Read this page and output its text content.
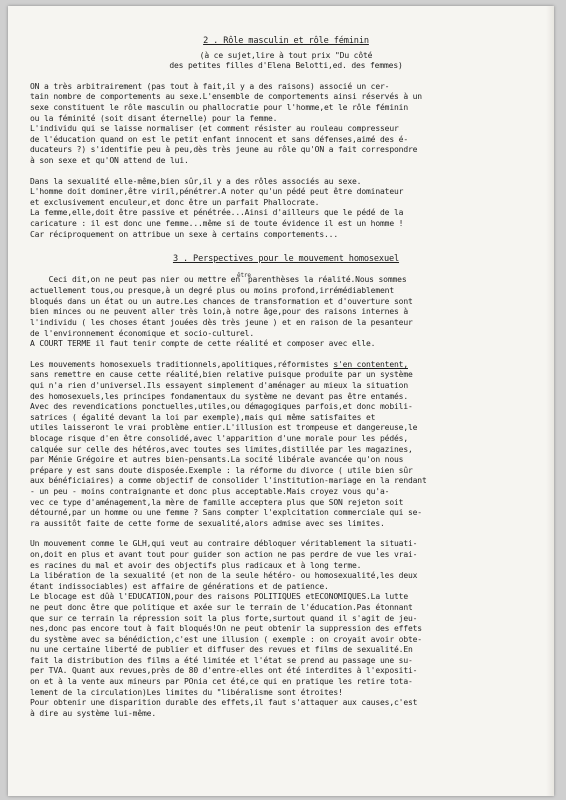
2 . Rôle masculin et rôle féminin

(à ce sujet,lire à tout prix "Du côté

des petites filles d'Elena Belotti,ed. des femmes)

ON a très arbitrairement (pas tout à fait,il y a des raisons) associé un cer-

tain nombre de comportements au sexe.L'ensemble de comportements ainsi réservés à un

sexe constituent le rôle masculin ou phallocratie pour l'homme,et le rôle féminin

ou la féminité (soit disant éternelle) pour la femme.

L'individu qui se laisse normaliser (et comment résister au rouleau compresseur

de l'éducation quand on est le petit enfant innocent et sans défenses,aimé des é-

ducateurs ?) s'identifie peu à peu,dès très jeune au rôle qu'ON a fait correspondre

à son sexe et qu'ON attend de lui.

Dans la sexualité elle-même,bien sûr,il y a des rôles associés au sexe.

L'homme doit dominer,être viril,pénétrer.A noter qu'un pédé peut être dominateur

et exclusivement enculeur,et donc être un parfait Phallocrate.

La femme,elle,doit être passive et pénétrée...Ainsi d'ailleurs que le pédé de la

caricature : il est donc une femme...même si de toute évidence il est un homme !

Car réciproquement on attribue un sexe à certains comportements...

3 . Perspectives pour le mouvement homosexuel

Ceci dit,on ne peut pas nier ou mettre $en^{être}parenthèses$ la réalité.Nous sommes

actuellement tous,ou presque,à un degré plus ou moins profond,irrémédiablement

bloqués dans un état ou un autre.Les chances de transformation et d'ouverture sont

bien minces ou ne peuvent aller très loin,à notre âge,pour des raisons internes à

l'individu ( les choses étant jouées dès très jeune ) et en raison de la pesanteur

de l'environnement économique et socio-culturel.

A COURT TERME il faut tenir compte de cette réalité et composer avec elle.

Les mouvements homosexuels traditionnels,apolitiques,réformistes s'en contentent,

sans remettre en cause cette réalité,bien relative puisque produite par un système

qui n'a rien d'universel.Ils essayent simplement d'aménager au mieux la situation

des homosexuels,les principes fondamentaux du système ne devant pas être entamés.

Avec des revendications ponctuelles,utiles,ou démagogiques parfois,et donc mobili-

satrices ( égalité devant la loi par exemple),mais qui même satisfaites et

utiles laisseront le vrai problème entier.L'illusion est trompeuse et dangereuse,le

blocage risque d'en être consolidé,avec l'apparition d'une morale pour les pédés,

calquée sur celle des hétéros,avec toutes ses limites,distillée par les magazines,

par Ménie Grégoire et autres bien-pensants.La socité libérale avancée qu'on nous

prépare y est sans doute disposée.Exemple : la réforme du divorce ( utile bien sûr

aux bénéficiaires) a comme objectif de consolider l'institution-mariage en la rendant

- un peu - moins contraignante et donc plus acceptable.Mais croyez vous qu'a-

vec ce type d'aménagement,la mère de famille acceptera plus que SON rejeton soit

détourné,par un homme ou une femme ? Sans compter l'explcitation commerciale qui se-

ra aussitôt faite de cette forme de sexualité,alors admise avec ses limites.

Un mouvement comme le GLH,qui veut au contraire débloquer véritablement la situati-

on,doit en plus et avant tout pour guider son action ne pas perdre de vue les vrai-

es racines du mal et avoir des objectifs plus radicaux et à long terme.

La libération de la sexualité (et non de la seule hétéro- ou homosexualité,les deux

étant indissociables) est affaire de générations et de patience.

Le blocage est dûà l'EDUCATION,pour des raisons POLITIQUES etECONOMIQUES.La lutte

ne peut donc être que politique et axée sur le terrain de l'éducation.Pas étonnant

que sur ce terrain la répression soit la plus forte,surtout quand il s'agit de jeu-

nes,donc pas encore tout à fait bloqués!On ne peut obtenir la suppression des effets

du système avec sa bénédiction,c'est une illusion ( exemple : on croyait avoir obte-

nu une certaine liberté de publier et diffuser des revues et films de sexualité.En

fait la distribution des films a été limitée et l'état se prend au passage une su-

per TVA. Quant aux revues,près de 80 d'entre-elles ont été interdites à l'expositi-

on et à la vente aux mineurs par POnia cet été,ce qui en pratique les retire tota-

lement de la circulation)Les limites du "libéralisme sont étroites!

Pour obtenir une disparition durable des effets,il faut s'attaquer aux causes,c'est

à dire au système lui-même.
